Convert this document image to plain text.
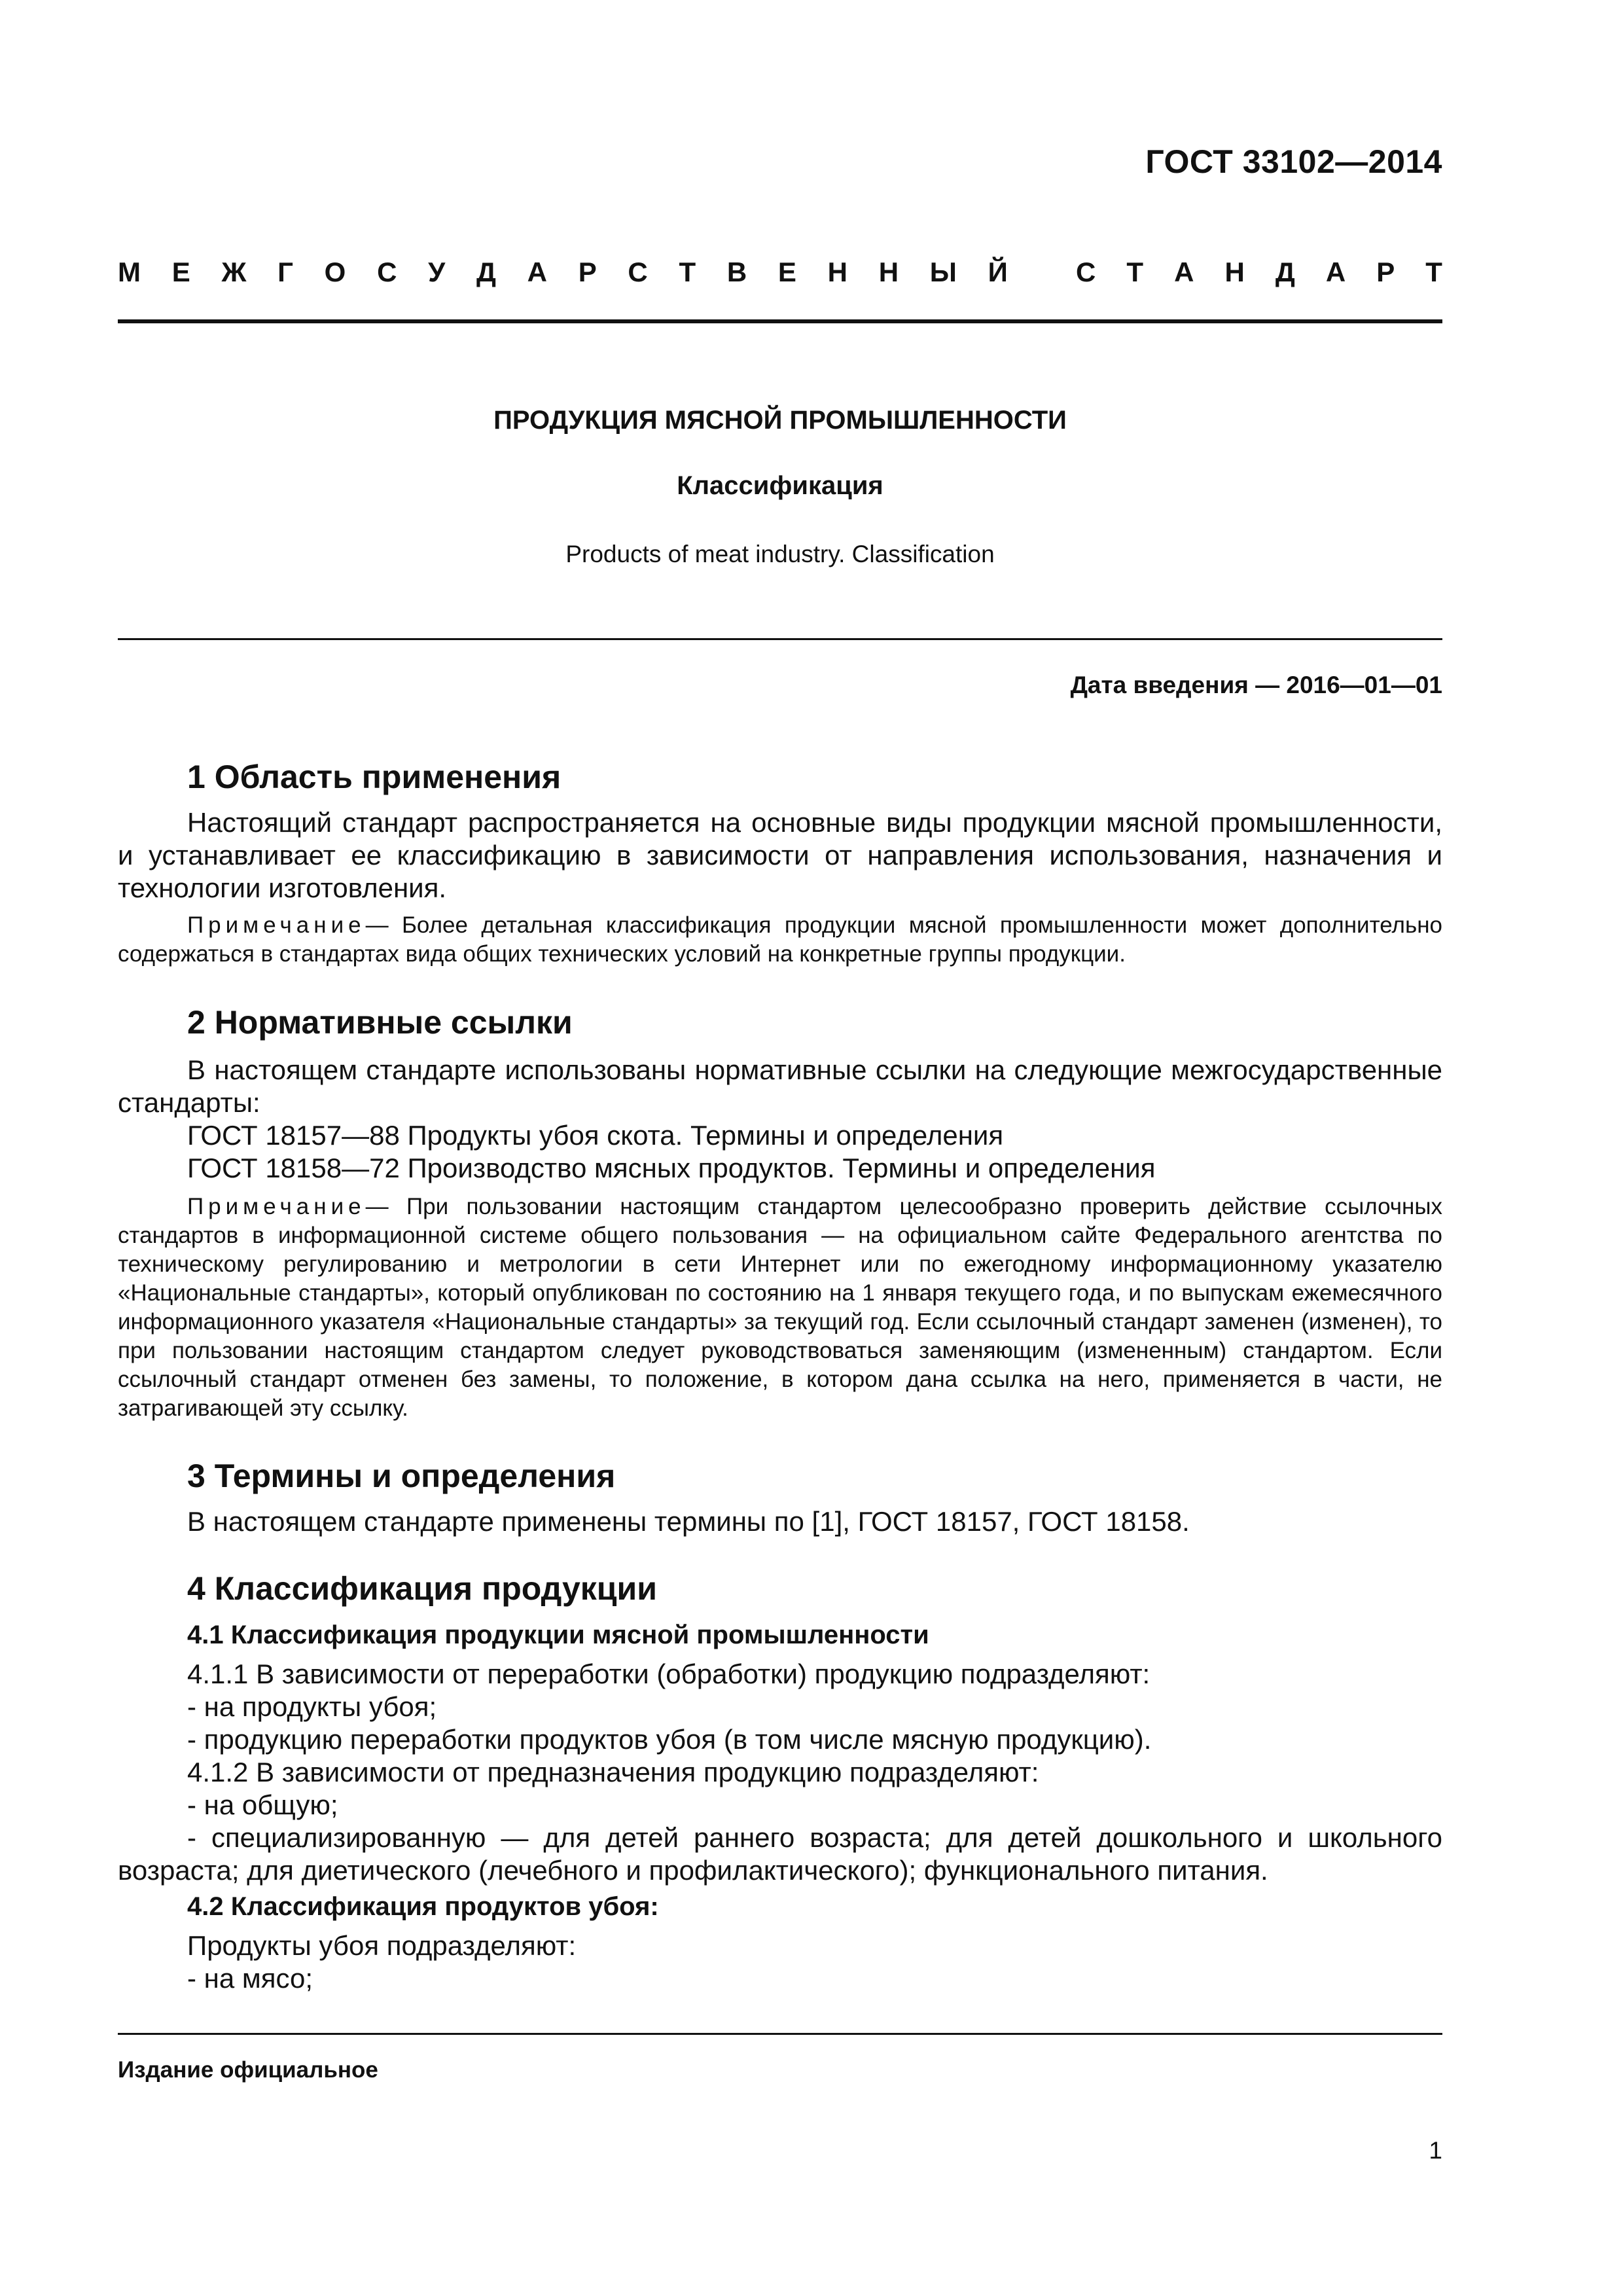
ГОСТ 33102—2014
М Е Ж Г О С У Д А Р С Т В Е Н Н Ы Й С Т А Н Д А Р Т
ПРОДУКЦИЯ МЯСНОЙ ПРОМЫШЛЕННОСТИ
Классификация
Products of meat industry. Classification
Дата введения — 2016—01—01
1 Область применения
Настоящий стандарт распространяется на основные виды продукции мясной промышленности, и устанавливает ее классификацию в зависимости от направления использования, назначения и технологии изготовления.
Примечание— Более детальная классификация продукции мясной промышленности может дополнительно содержаться в стандартах вида общих технических условий на конкретные группы продукции.
2 Нормативные ссылки
В настоящем стандарте использованы нормативные ссылки на следующие межгосударственные стандарты:
ГОСТ 18157—88 Продукты убоя скота. Термины и определения
ГОСТ 18158—72 Производство мясных продуктов. Термины и определения
Примечание— При пользовании настоящим стандартом целесообразно проверить действие ссылочных стандартов в информационной системе общего пользования — на официальном сайте Федерального агентства по техническому регулированию и метрологии в сети Интернет или по ежегодному информационному указателю «Национальные стандарты», который опубликован по состоянию на 1 января текущего года, и по выпускам ежемесячного информационного указателя «Национальные стандарты» за текущий год. Если ссылочный стандарт заменен (изменен), то при пользовании настоящим стандартом следует руководствоваться заменяющим (измененным) стандартом. Если ссылочный стандарт отменен без замены, то положение, в котором дана ссылка на него, применяется в части, не затрагивающей эту ссылку.
3 Термины и определения
В настоящем стандарте применены термины по [1], ГОСТ 18157, ГОСТ 18158.
4 Классификация продукции
4.1 Классификация продукции мясной промышленности
4.1.1 В зависимости от переработки (обработки) продукцию подразделяют:
- на продукты убоя;
- продукцию переработки продуктов убоя (в том числе мясную продукцию).
4.1.2 В зависимости от предназначения продукцию подразделяют:
- на общую;
- специализированную — для детей раннего возраста; для детей дошкольного и школьного возраста; для диетического (лечебного и профилактического); функционального питания.
4.2 Классификация продуктов убоя:
Продукты убоя подразделяют:
- на мясо;
Издание официальное
1
